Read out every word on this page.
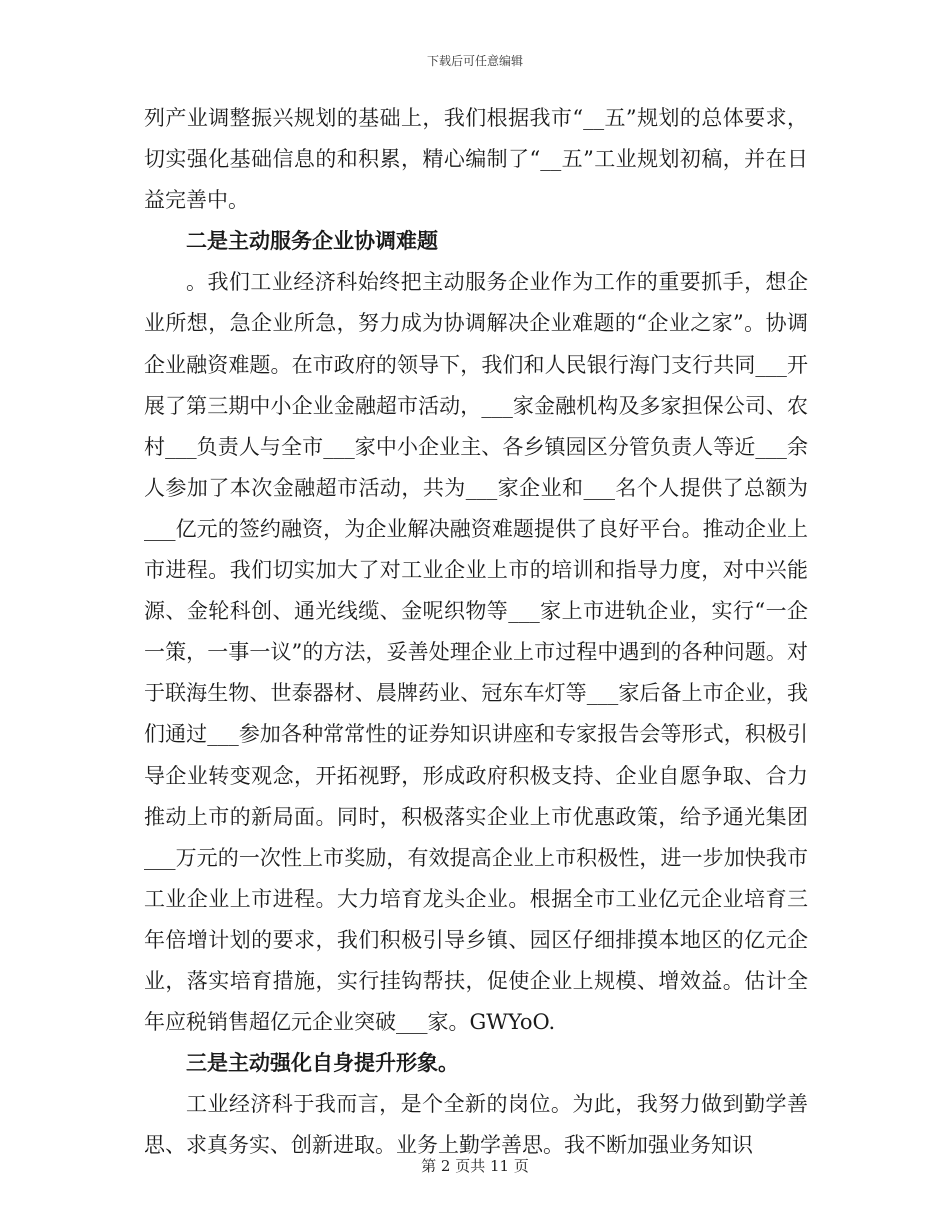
下载后可任意编辑

列产业调整振兴规划的基础上，我们根据我市“__五”规划的总体要求，切实强化基础信息的和积累，精心编制了“__五”工业规划初稿，并在日益完善中。

二是主动服务企业协调难题

。我们工业经济科始终把主动服务企业作为工作的重要抓手，想企业所想，急企业所急，努力成为协调解决企业难题的“企业之家”。协调企业融资难题。在市政府的领导下，我们和人民银行海门支行共同___开展了第三期中小企业金融超市活动，___家金融机构及多家担保公司、农村___负责人与全市___家中小企业主、各乡镇园区分管负责人等近___余人参加了本次金融超市活动，共为___家企业和___名个人提供了总额为___亿元的签约融资，为企业解决融资难题提供了良好平台。推动企业上市进程。我们切实加大了对工业企业上市的培训和指导力度，对中兴能源、金轮科创、通光线缆、金呢织物等___家上市进轨企业，实行“一企一策，一事一议”的方法，妥善处理企业上市过程中遇到的各种问题。对于联海生物、世泰器材、晨牌药业、冠东车灯等___家后备上市企业，我们通过___参加各种常常性的证券知识讲座和专家报告会等形式，积极引导企业转变观念，开拓视野，形成政府积极支持、企业自愿争取、合力推动上市的新局面。同时，积极落实企业上市优惠政策，给予通光集团___万元的一次性上市奖励，有效提高企业上市积极性，进一步加快我市工业企业上市进程。大力培育龙头企业。根据全市工业亿元企业培育三年倍增计划的要求，我们积极引导乡镇、园区仔细排摸本地区的亿元企业，落实培育措施，实行挂钩帮扶，促使企业上规模、增效益。估计全年应税销售超亿元企业突破___家。GWYoO.

三是主动强化自身提升形象。

工业经济科于我而言，是个全新的岗位。为此，我努力做到勤学善思、求真务实、创新进取。业务上勤学善思。我不断加强业务知识

第 2 页共 11 页
